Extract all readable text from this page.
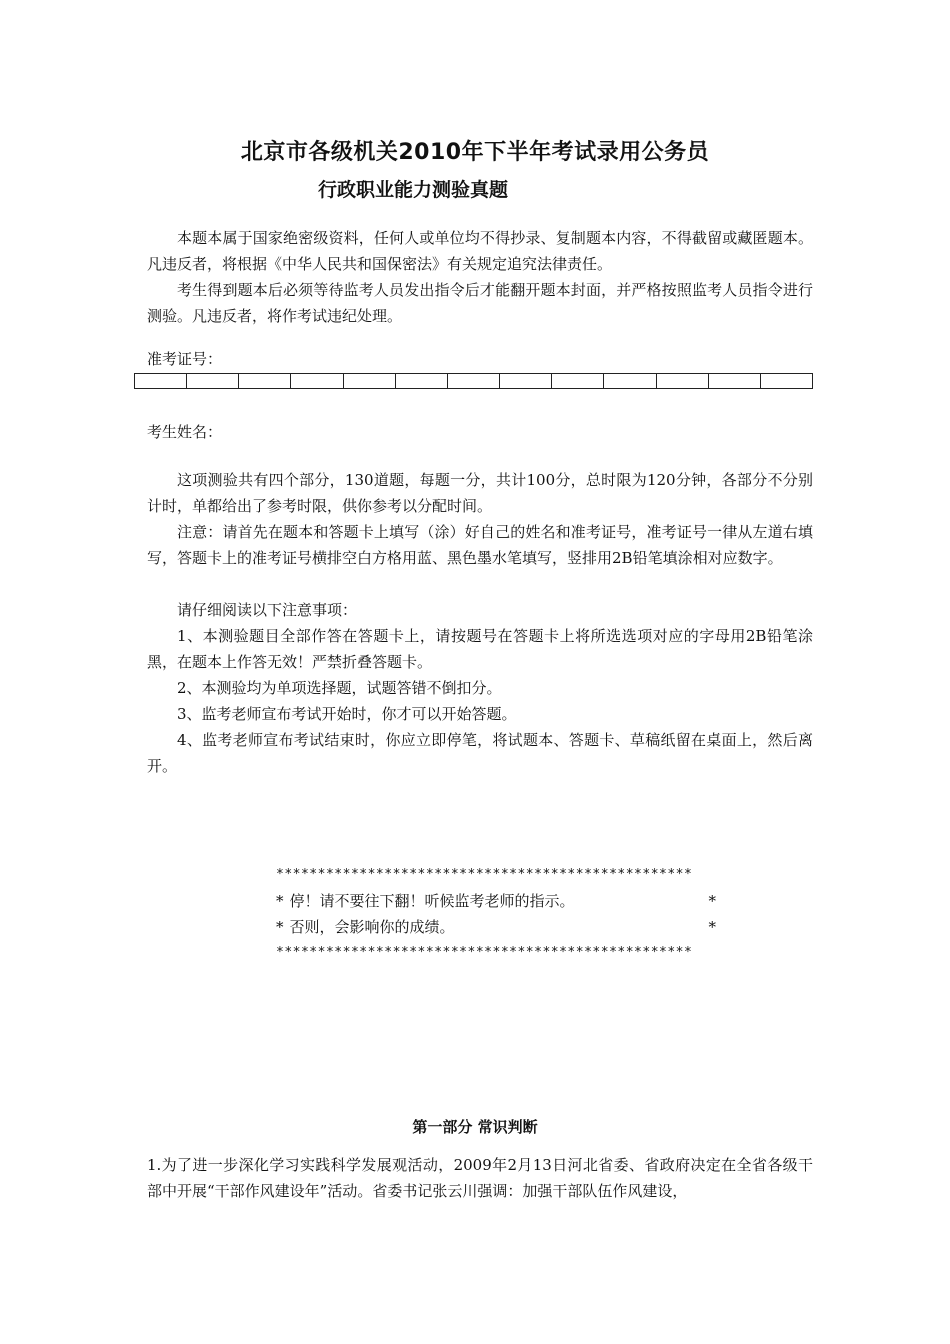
北京市各级机关2010年下半年考试录用公务员
行政职业能力测验真题

本题本属于国家绝密级资料，任何人或单位均不得抄录、复制题本内容，不得截留或藏匿题本。凡违反者，将根据《中华人民共和国保密法》有关规定追究法律责任。

考生得到题本后必须等待监考人员发出指令后才能翻开题本封面，并严格按照监考人员指令进行测验。凡违反者，将作考试违纪处理。

准考证号：
考生姓名：

这项测验共有四个部分，130道题，每题一分，共计100分，总时限为120分钟，各部分不分别计时，单都给出了参考时限，供你参考以分配时间。

注意：请首先在题本和答题卡上填写（涂）好自己的姓名和准考证号，准考证号一律从左道右填写，答题卡上的准考证号横排空白方格用蓝、黑色墨水笔填写，竖排用2B铅笔填涂相对应数字。

请仔细阅读以下注意事项：

1、本测验题目全部作答在答题卡上，请按题号在答题卡上将所选选项对应的字母用2B铅笔涂黑，在题本上作答无效！严禁折叠答题卡。

2、本测验均为单项选择题，试题答错不倒扣分。

3、监考老师宣布考试开始时，你才可以开始答题。

4、监考老师宣布考试结束时，你应立即停笔，将试题本、答题卡、草稿纸留在桌面上，然后离开。

**************************************************
* 停！请不要往下翻！听候监考老师的指示。	*
* 否则，会影响你的成绩。	*
**************************************************
第一部分 常识判断

1.为了进一步深化学习实践科学发展观活动，2009年2月13日河北省委、省政府决定在全省各级干部中开展“干部作风建设年”活动。省委书记张云川强调：加强干部队伍作风建设，
